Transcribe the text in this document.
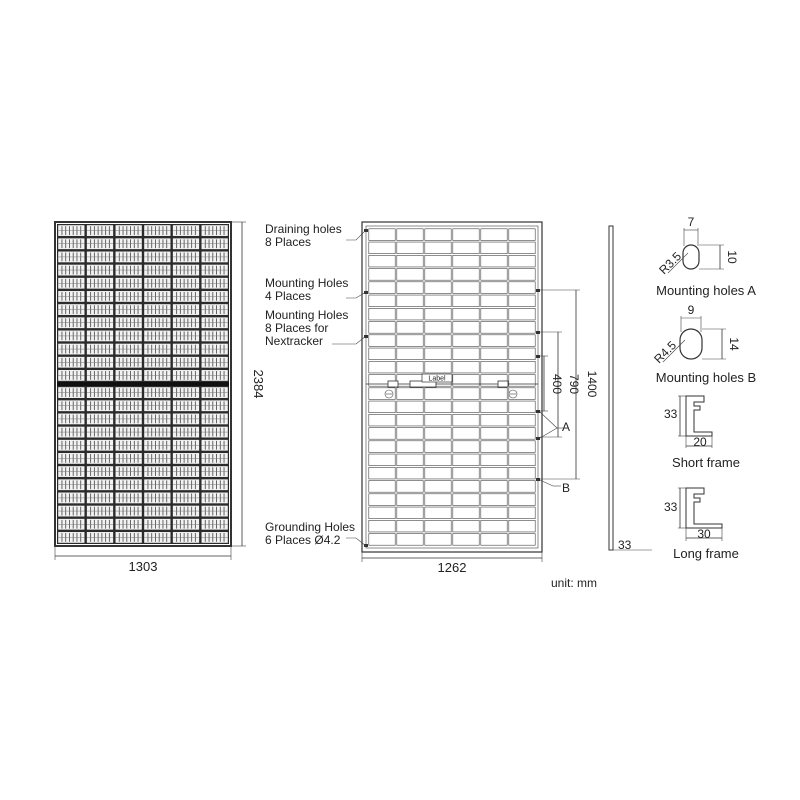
2384
1303
Label	1400
790
400
A
B
1262
Draining holes
8 Places
Mounting Holes
4 Places
Mounting Holes
8 Places for
Nextracker
Grounding Holes
6 Places Ø4.2	33
7
10
R3.5
Mounting holes A
9
14
R4.5
Mounting holes B
33
20
Short frame
33
30
Long frame
unit: mm
